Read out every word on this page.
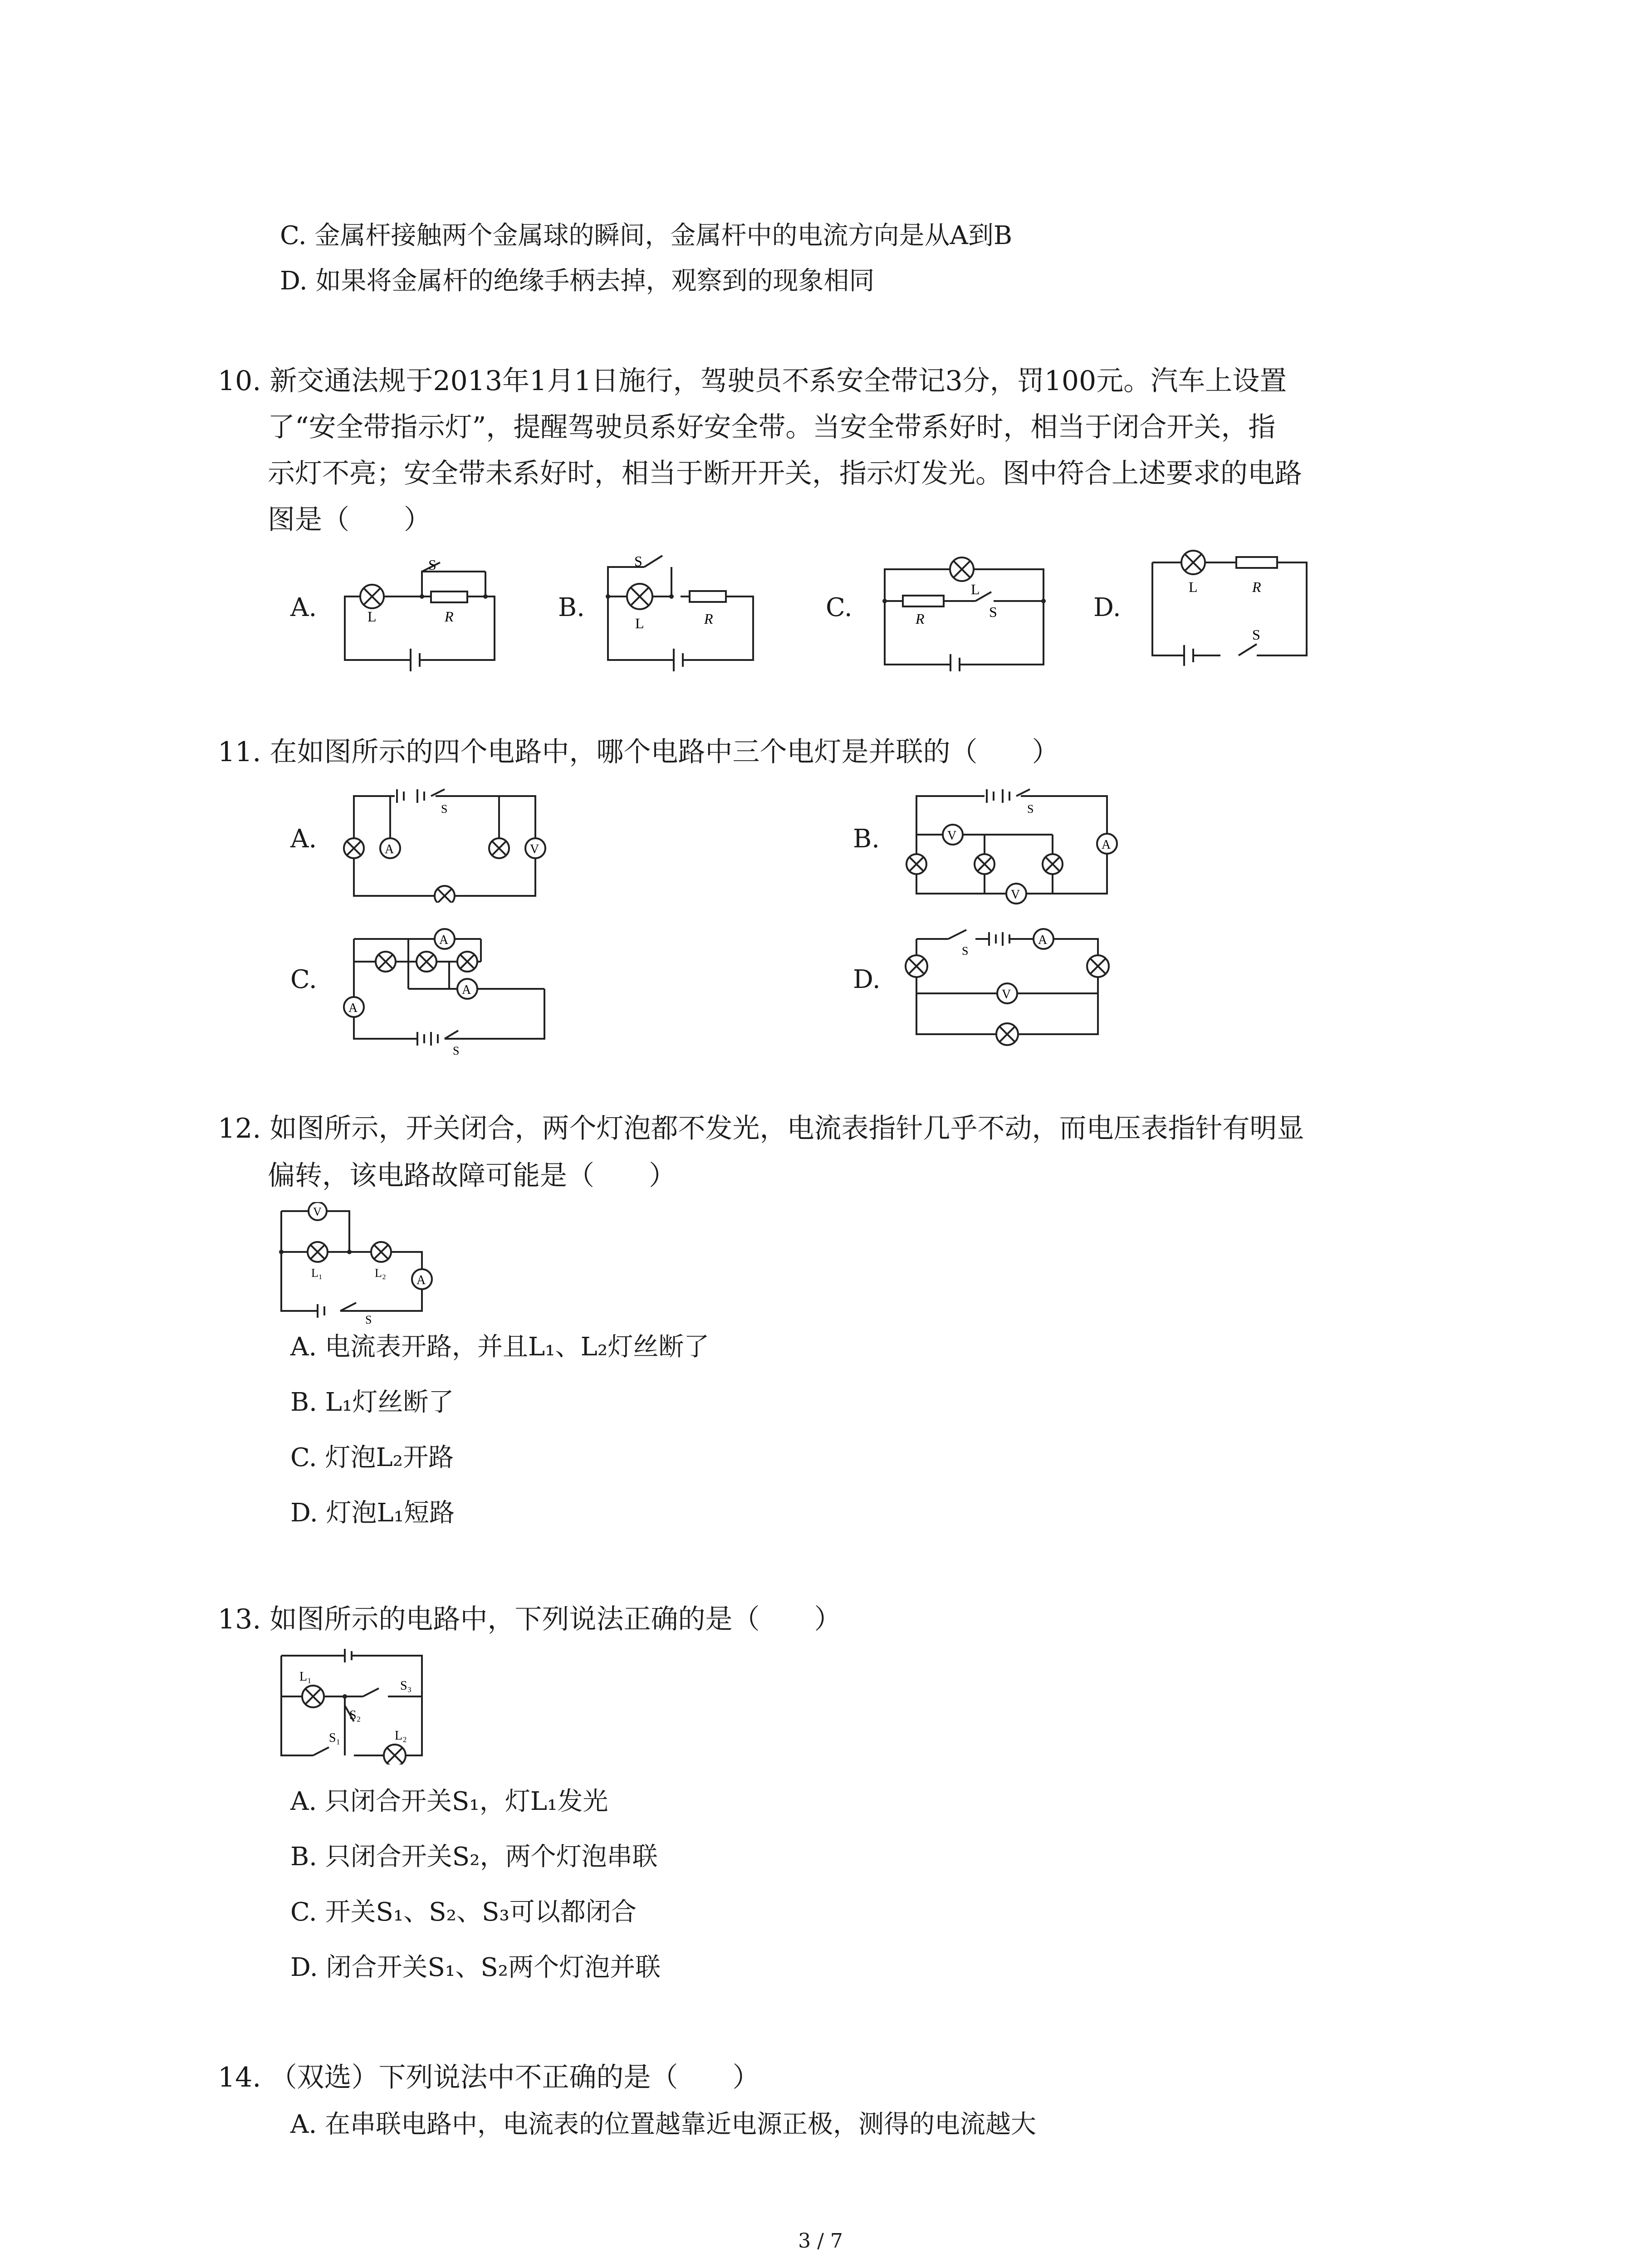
C. 金属杆接触两个金属球的瞬间，金属杆中的电流方向是从A到B
D. 如果将金属杆的绝缘手柄去掉，观察到的现象相同
10. 新交通法规于2013年1月1日施行，驾驶员不系安全带记3分，罚100元。汽车上设置
了“安全带指示灯”，提醒驾驶员系好安全带。当安全带系好时，相当于闭合开关，指
示灯不亮；安全带未系好时，相当于断开开关，指示灯发光。图中符合上述要求的电路
图是（　　）
A.	B.	C.	D.
S
L	R
S
L	R
L
R	S
L	R
S
11. 在如图所示的四个电路中，哪个电路中三个电灯是并联的（　　）
A.	B.
C.	D.
A	V
S
V
V
A
S
A
A
A
S
A
V
S
12. 如图所示，开关闭合，两个灯泡都不发光，电流表指针几乎不动，而电压表指针有明显
偏转，该电路故障可能是（　　）
V
A
L₁	L₂
S
A. 电流表开路，并且L₁、L₂灯丝断了
B. L₁灯丝断了
C. 灯泡L₂开路
D. 灯泡L₁短路
13. 如图所示的电路中，下列说法正确的是（　　）
L₁
L₂
S₃
S₂
S₁
A. 只闭合开关S₁，灯L₁发光
B. 只闭合开关S₂，两个灯泡串联
C. 开关S₁、S₂、S₃可以都闭合
D. 闭合开关S₁、S₂两个灯泡并联
14. （双选）下列说法中不正确的是（　　）
A. 在串联电路中，电流表的位置越靠近电源正极，测得的电流越大
3 / 7
